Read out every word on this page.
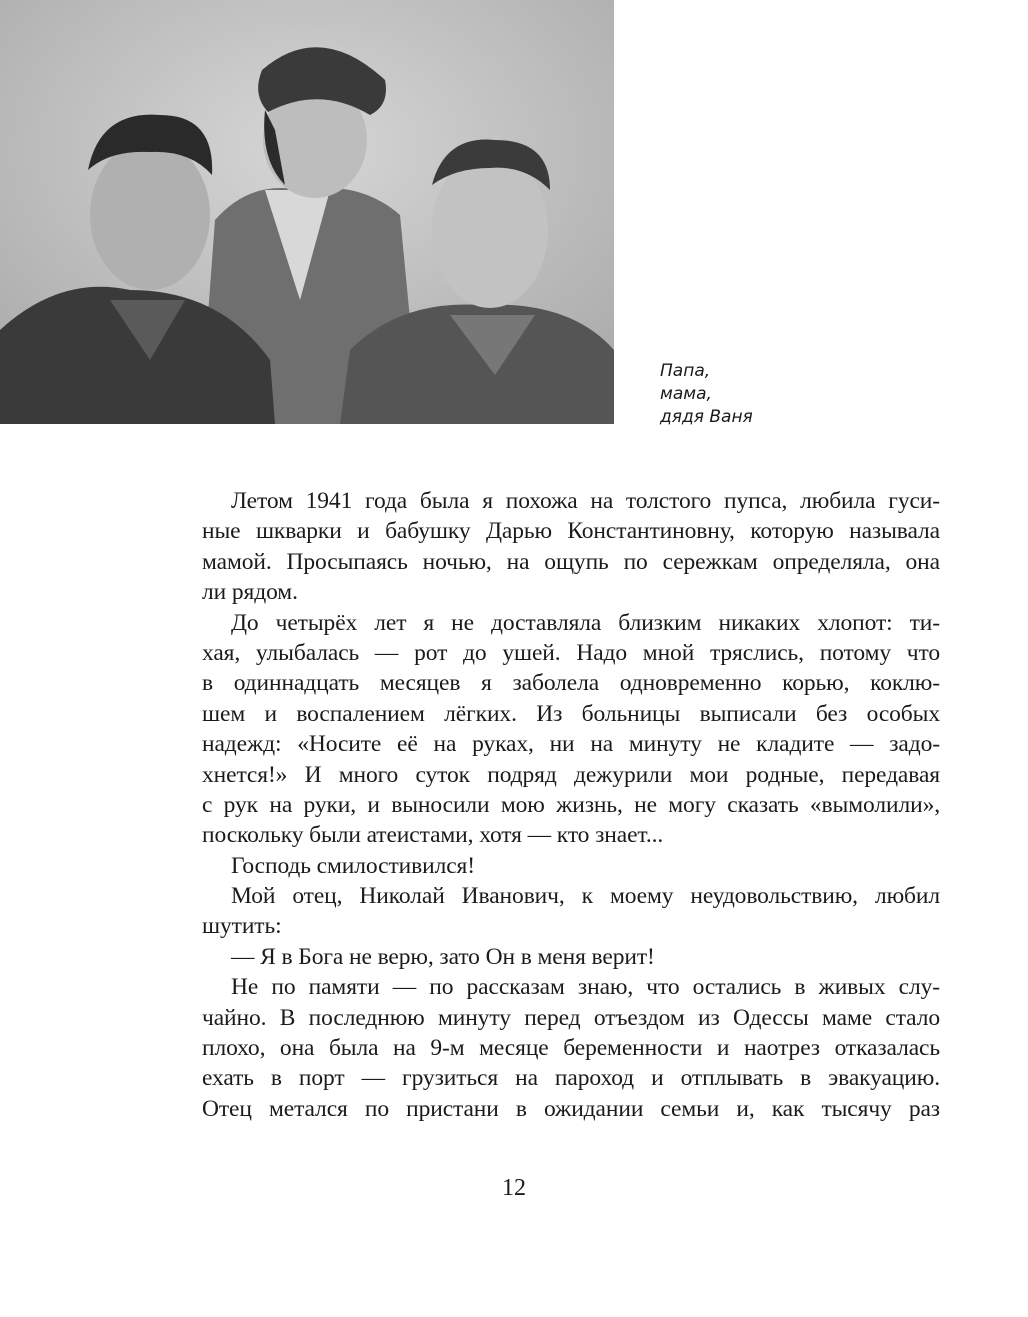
Папа,
мама,
дядя Ваня
Летом 1941 года была я похожа на толстого пупса, любила гуси-
ные шкварки и бабушку Дарью Константиновну, которую называла
мамой. Просыпаясь ночью, на ощупь по сережкам определяла, она
ли рядом.
До четырёх лет я не доставляла близким никаких хлопот: ти-
хая, улыбалась — рот до ушей. Надо мной тряслись, потому что
в одиннадцать месяцев я заболела одновременно корью, коклю-
шем и воспалением лёгких. Из больницы выписали без особых
надежд: «Носите её на руках, ни на минуту не кладите — задо-
хнется!» И много суток подряд дежурили мои родные, передавая
с рук на руки, и выносили мою жизнь, не могу сказать «вымолили»,
поскольку были атеистами, хотя — кто знает...
Господь смилостивился!
Мой отец, Николай Иванович, к моему неудовольствию, любил
шутить:
— Я в Бога не верю, зато Он в меня верит!
Не по памяти — по рассказам знаю, что остались в живых слу-
чайно. В последнюю минуту перед отъездом из Одессы маме стало
плохо, она была на 9-м месяце беременности и наотрез отказалась
ехать в порт — грузиться на пароход и отплывать в эвакуацию.
Отец метался по пристани в ожидании семьи и, как тысячу раз
12
